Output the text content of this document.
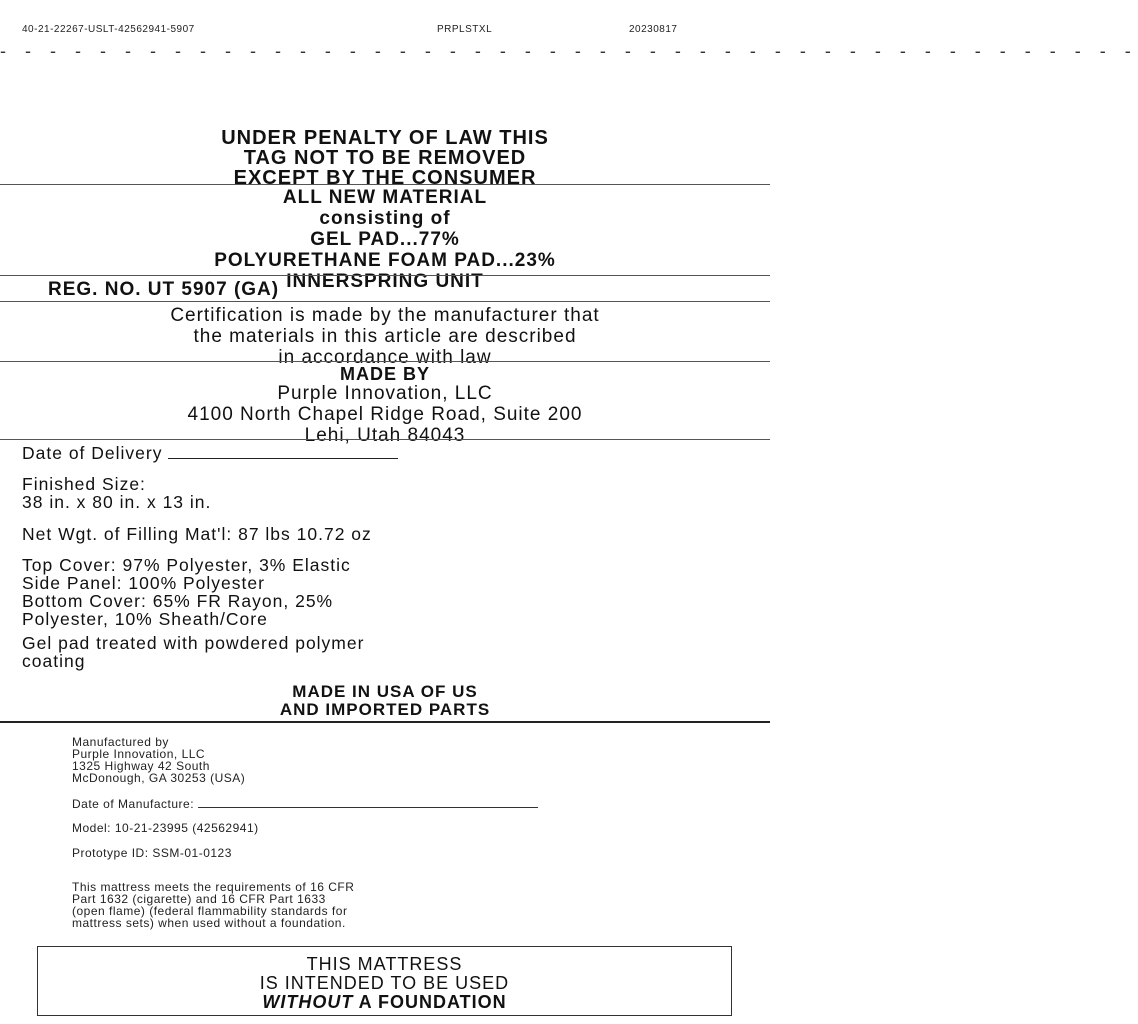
40-21-22267-USLT-42562941-5907	PRPLSTXL	20230817
- - - - - - - - - - - - - - - - - - - - - - - - - - - - - - - - - - - - - - - - - - - - - -
UNDER PENALTY OF LAW THIS
TAG NOT TO BE REMOVED
EXCEPT BY THE CONSUMER
ALL NEW MATERIAL
consisting of
GEL PAD...77%
POLYURETHANE FOAM PAD...23%
INNERSPRING UNIT
REG. NO. UT 5907 (GA)
Certification is made by the manufacturer that
the materials in this article are described
in accordance with law
MADE BY
Purple Innovation, LLC
4100 North Chapel Ridge Road, Suite 200
Lehi, Utah 84043
Date of Delivery
Finished Size:
38 in. x 80 in. x 13 in.
Net Wgt. of Filling Mat'l: 87 lbs 10.72 oz
Top Cover: 97% Polyester, 3% Elastic
Side Panel: 100% Polyester
Bottom Cover: 65% FR Rayon, 25%
Polyester, 10% Sheath/Core
Gel pad treated with powdered polymer
coating
MADE IN USA OF US
AND IMPORTED PARTS
Manufactured by
Purple Innovation, LLC
1325 Highway 42 South
McDonough, GA 30253 (USA)
Date of Manufacture:
Model: 10-21-23995 (42562941)
Prototype ID: SSM-01-0123
This mattress meets the requirements of 16 CFR
Part 1632 (cigarette) and 16 CFR Part 1633
(open flame) (federal flammability standards for
mattress sets) when used without a foundation.
THIS MATTRESS
IS INTENDED TO BE USED
WITHOUT A FOUNDATION
